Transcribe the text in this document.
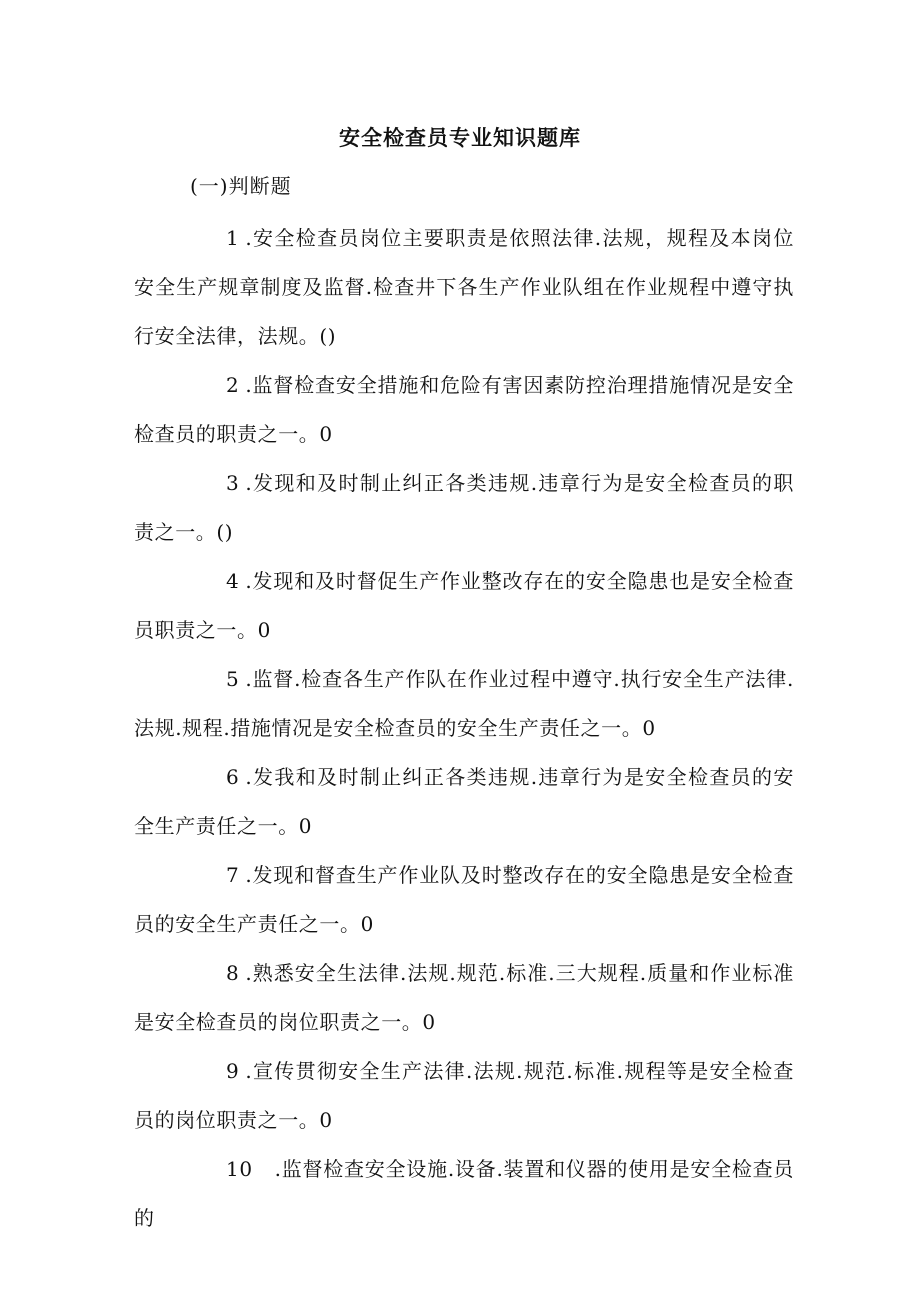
安全检查员专业知识题库
(一)判断题

1 .安全检查员岗位主要职责是依照法律.法规，规程及本岗位安全生产规章制度及监督.检查井下各生产作业队组在作业规程中遵守执行安全法律，法规。()

2 .监督检查安全措施和危险有害因素防控治理措施情况是安全检查员的职责之一。0

3 .发现和及时制止纠正各类违规.违章行为是安全检查员的职责之一。()

4 .发现和及时督促生产作业整改存在的安全隐患也是安全检查员职责之一。0

5 .监督.检查各生产作队在作业过程中遵守.执行安全生产法律.法规.规程.措施情况是安全检查员的安全生产责任之一。0

6 .发我和及时制止纠正各类违规.违章行为是安全检查员的安全生产责任之一。0

7 .发现和督查生产作业队及时整改存在的安全隐患是安全检查员的安全生产责任之一。0

8 .熟悉安全生法律.法规.规范.标准.三大规程.质量和作业标准是安全检查员的岗位职责之一。0

9 .宣传贯彻安全生产法律.法规.规范.标准.规程等是安全检查员的岗位职责之一。0

10 .监督检查安全设施.设备.装置和仪器的使用是安全检查员的
